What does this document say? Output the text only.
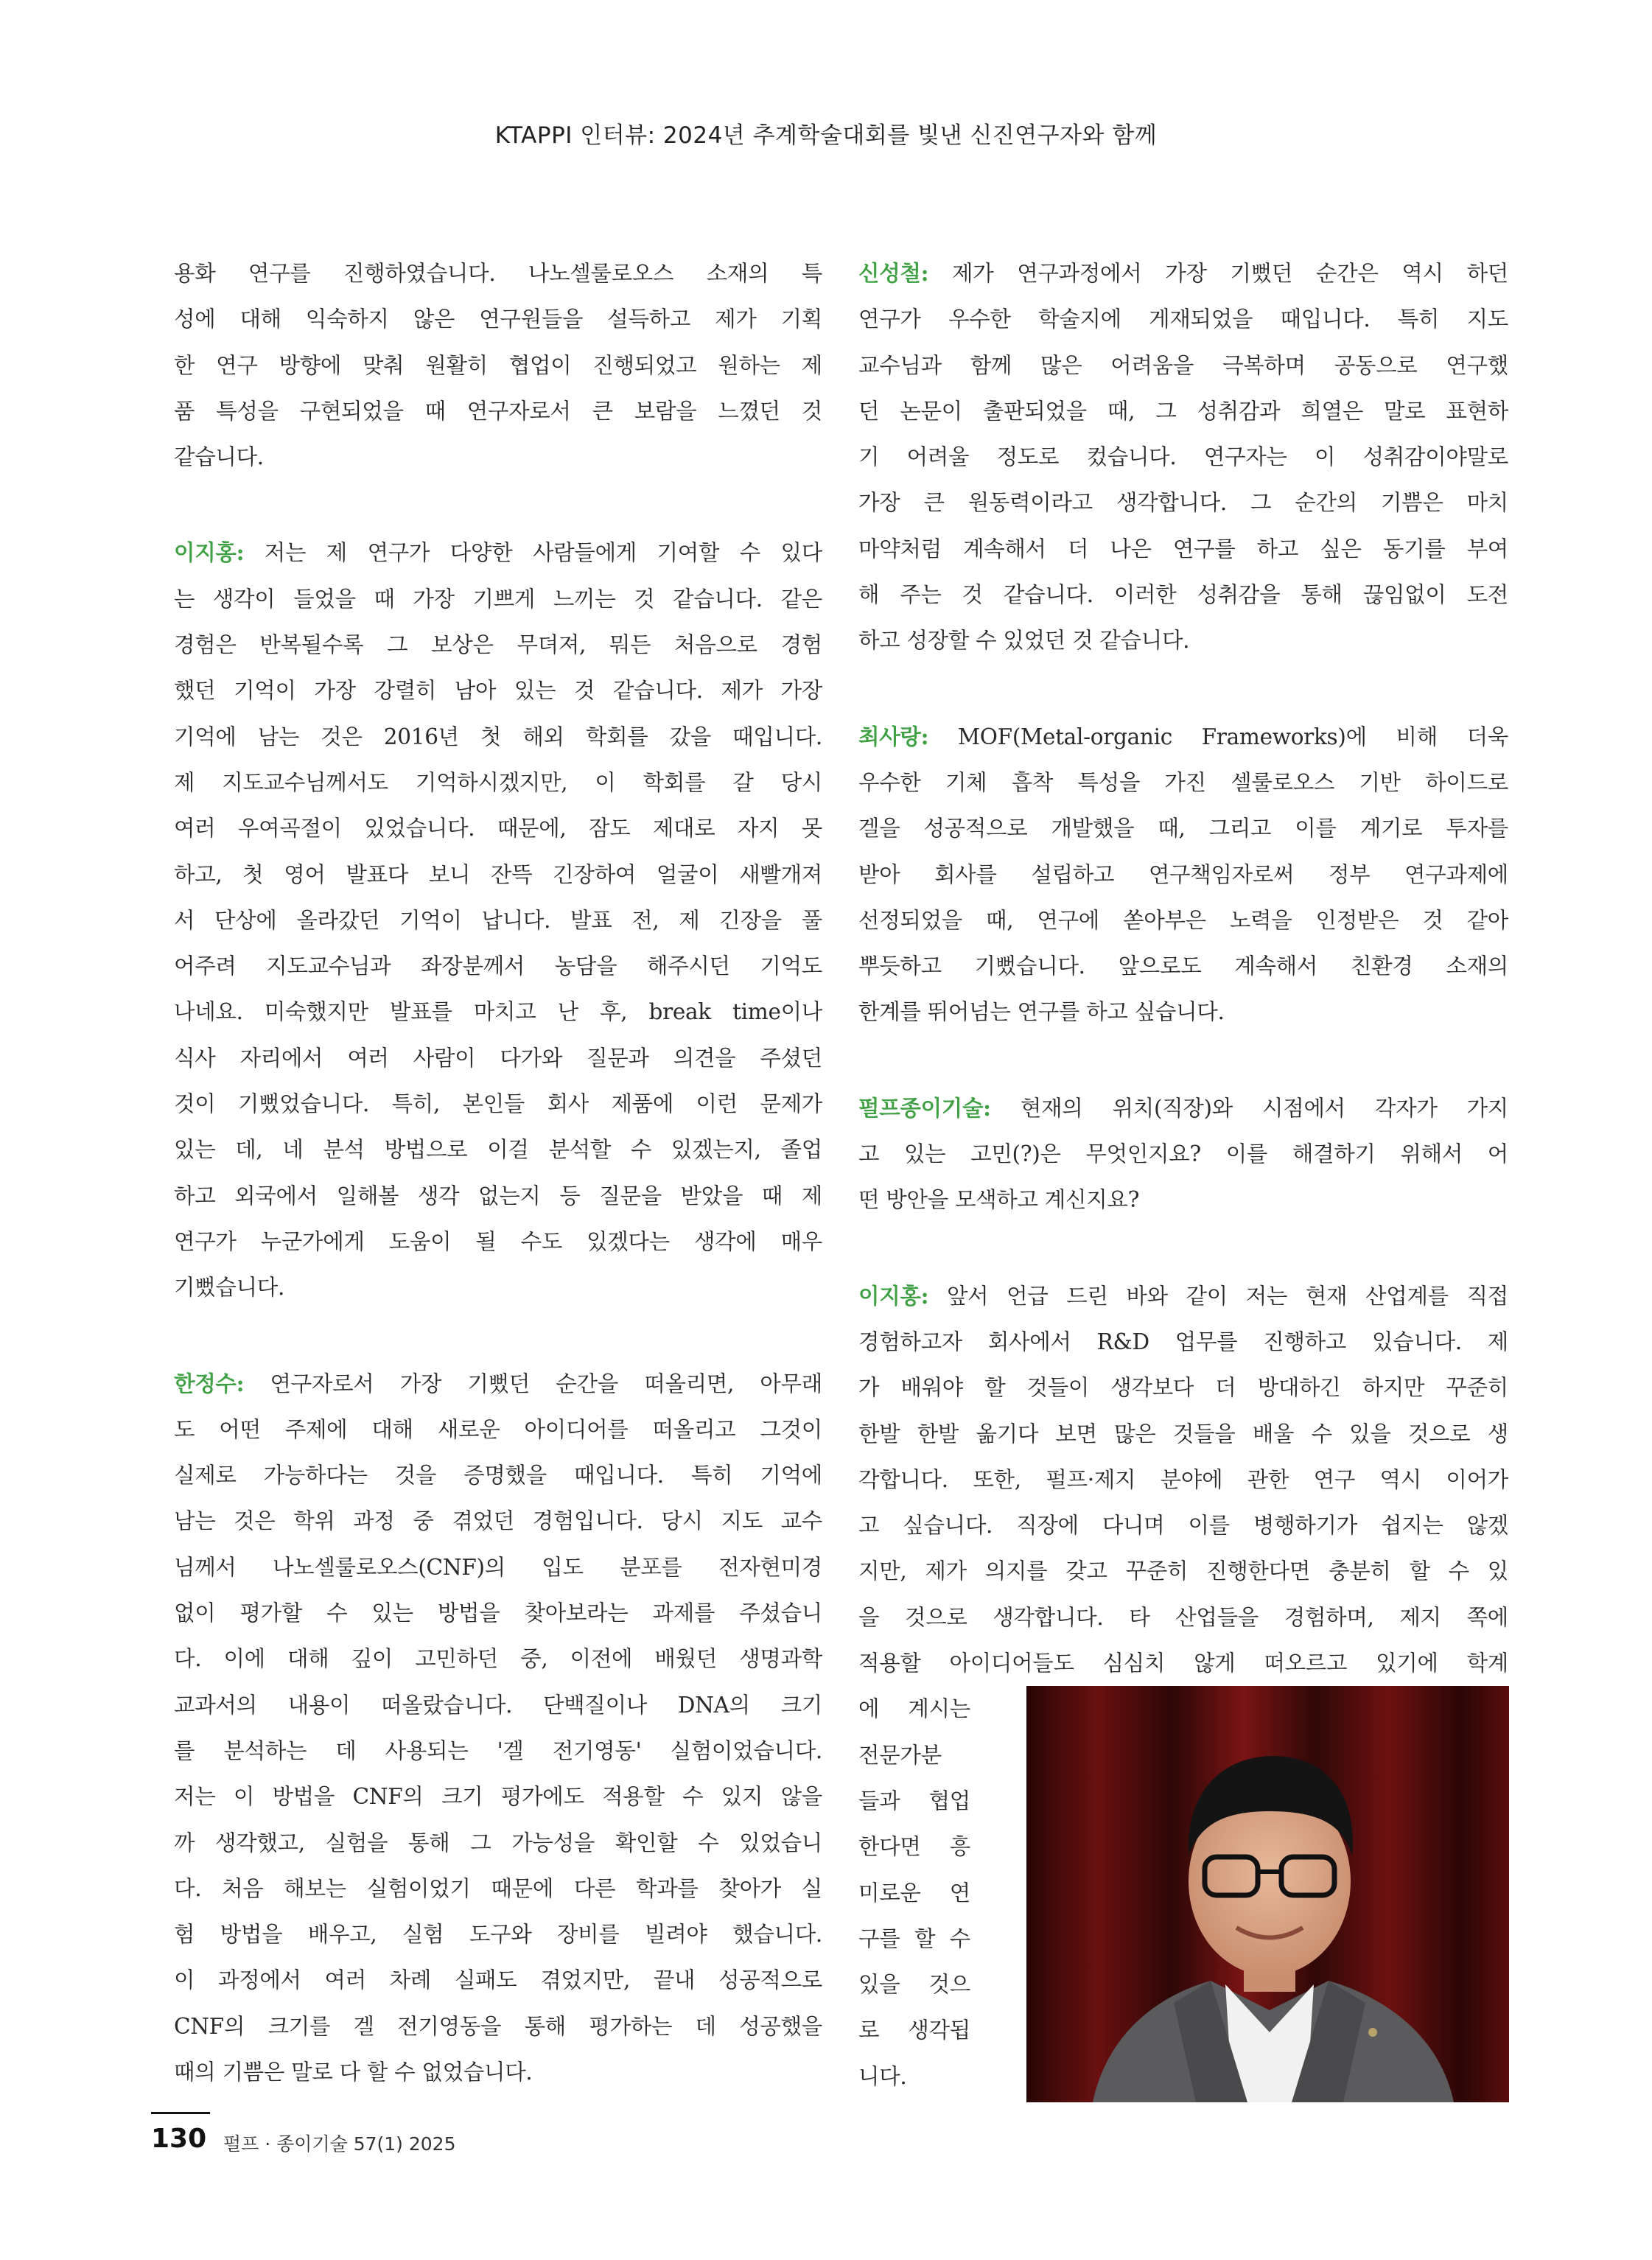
KTAPPI 인터뷰: 2024년 추계학술대회를 빛낸 신진연구자와 함께
용화 연구를 진행하였습니다. 나노셀룰로오스 소재의 특
성에 대해 익숙하지 않은 연구원들을 설득하고 제가 기획
한 연구 방향에 맞춰 원활히 협업이 진행되었고 원하는 제
품 특성을 구현되었을 때 연구자로서 큰 보람을 느꼈던 것
같습니다.
이지홍: 저는 제 연구가 다양한 사람들에게 기여할 수 있다
는 생각이 들었을 때 가장 기쁘게 느끼는 것 같습니다. 같은
경험은 반복될수록 그 보상은 무뎌져, 뭐든 처음으로 경험
했던 기억이 가장 강렬히 남아 있는 것 같습니다. 제가 가장
기억에 남는 것은 2016년 첫 해외 학회를 갔을 때입니다.
제 지도교수님께서도 기억하시겠지만, 이 학회를 갈 당시
여러 우여곡절이 있었습니다. 때문에, 잠도 제대로 자지 못
하고, 첫 영어 발표다 보니 잔뜩 긴장하여 얼굴이 새빨개져
서 단상에 올라갔던 기억이 납니다. 발표 전, 제 긴장을 풀
어주려 지도교수님과 좌장분께서 농담을 해주시던 기억도
나네요. 미숙했지만 발표를 마치고 난 후, break time이나
식사 자리에서 여러 사람이 다가와 질문과 의견을 주셨던
것이 기뻤었습니다. 특히, 본인들 회사 제품에 이런 문제가
있는 데, 네 분석 방법으로 이걸 분석할 수 있겠는지, 졸업
하고 외국에서 일해볼 생각 없는지 등 질문을 받았을 때 제
연구가 누군가에게 도움이 될 수도 있겠다는 생각에 매우
기뻤습니다.
한정수: 연구자로서 가장 기뻤던 순간을 떠올리면, 아무래
도 어떤 주제에 대해 새로운 아이디어를 떠올리고 그것이
실제로 가능하다는 것을 증명했을 때입니다. 특히 기억에
남는 것은 학위 과정 중 겪었던 경험입니다. 당시 지도 교수
님께서 나노셀룰로오스(CNF)의 입도 분포를 전자현미경
없이 평가할 수 있는 방법을 찾아보라는 과제를 주셨습니
다. 이에 대해 깊이 고민하던 중, 이전에 배웠던 생명과학
교과서의 내용이 떠올랐습니다. 단백질이나 DNA의 크기
를 분석하는 데 사용되는 '겔 전기영동' 실험이었습니다.
저는 이 방법을 CNF의 크기 평가에도 적용할 수 있지 않을
까 생각했고, 실험을 통해 그 가능성을 확인할 수 있었습니
다. 처음 해보는 실험이었기 때문에 다른 학과를 찾아가 실
험 방법을 배우고, 실험 도구와 장비를 빌려야 했습니다.
이 과정에서 여러 차례 실패도 겪었지만, 끝내 성공적으로
CNF의 크기를 겔 전기영동을 통해 평가하는 데 성공했을
때의 기쁨은 말로 다 할 수 없었습니다.
신성철: 제가 연구과정에서 가장 기뻤던 순간은 역시 하던
연구가 우수한 학술지에 게재되었을 때입니다. 특히 지도
교수님과 함께 많은 어려움을 극복하며 공동으로 연구했
던 논문이 출판되었을 때, 그 성취감과 희열은 말로 표현하
기 어려울 정도로 컸습니다. 연구자는 이 성취감이야말로
가장 큰 원동력이라고 생각합니다. 그 순간의 기쁨은 마치
마약처럼 계속해서 더 나은 연구를 하고 싶은 동기를 부여
해 주는 것 같습니다. 이러한 성취감을 통해 끊임없이 도전
하고 성장할 수 있었던 것 같습니다.
최사랑: MOF(Metal-organic Frameworks)에 비해 더욱
우수한 기체 흡착 특성을 가진 셀룰로오스 기반 하이드로
겔을 성공적으로 개발했을 때, 그리고 이를 계기로 투자를
받아 회사를 설립하고 연구책임자로써 정부 연구과제에
선정되었을 때, 연구에 쏟아부은 노력을 인정받은 것 같아
뿌듯하고 기뻤습니다. 앞으로도 계속해서 친환경 소재의
한계를 뛰어넘는 연구를 하고 싶습니다.
펄프종이기술: 현재의 위치(직장)와 시점에서 각자가 가지
고 있는 고민(?)은 무엇인지요? 이를 해결하기 위해서 어
떤 방안을 모색하고 계신지요?
이지홍: 앞서 언급 드린 바와 같이 저는 현재 산업계를 직접
경험하고자 회사에서 R&D 업무를 진행하고 있습니다. 제
가 배워야 할 것들이 생각보다 더 방대하긴 하지만 꾸준히
한발 한발 옮기다 보면 많은 것들을 배울 수 있을 것으로 생
각합니다. 또한, 펄프·제지 분야에 관한 연구 역시 이어가
고 싶습니다. 직장에 다니며 이를 병행하기가 쉽지는 않겠
지만, 제가 의지를 갖고 꾸준히 진행한다면 충분히 할 수 있
을 것으로 생각합니다. 타 산업들을 경험하며, 제지 쪽에
적용할 아이디어들도 심심치 않게 떠오르고 있기에 학계
에 계시는
전문가분
들과 협업
한다면 흥
미로운 연
구를 할 수
있을 것으
로 생각됩
니다.
130 펄프 · 종이기술 57(1) 2025
